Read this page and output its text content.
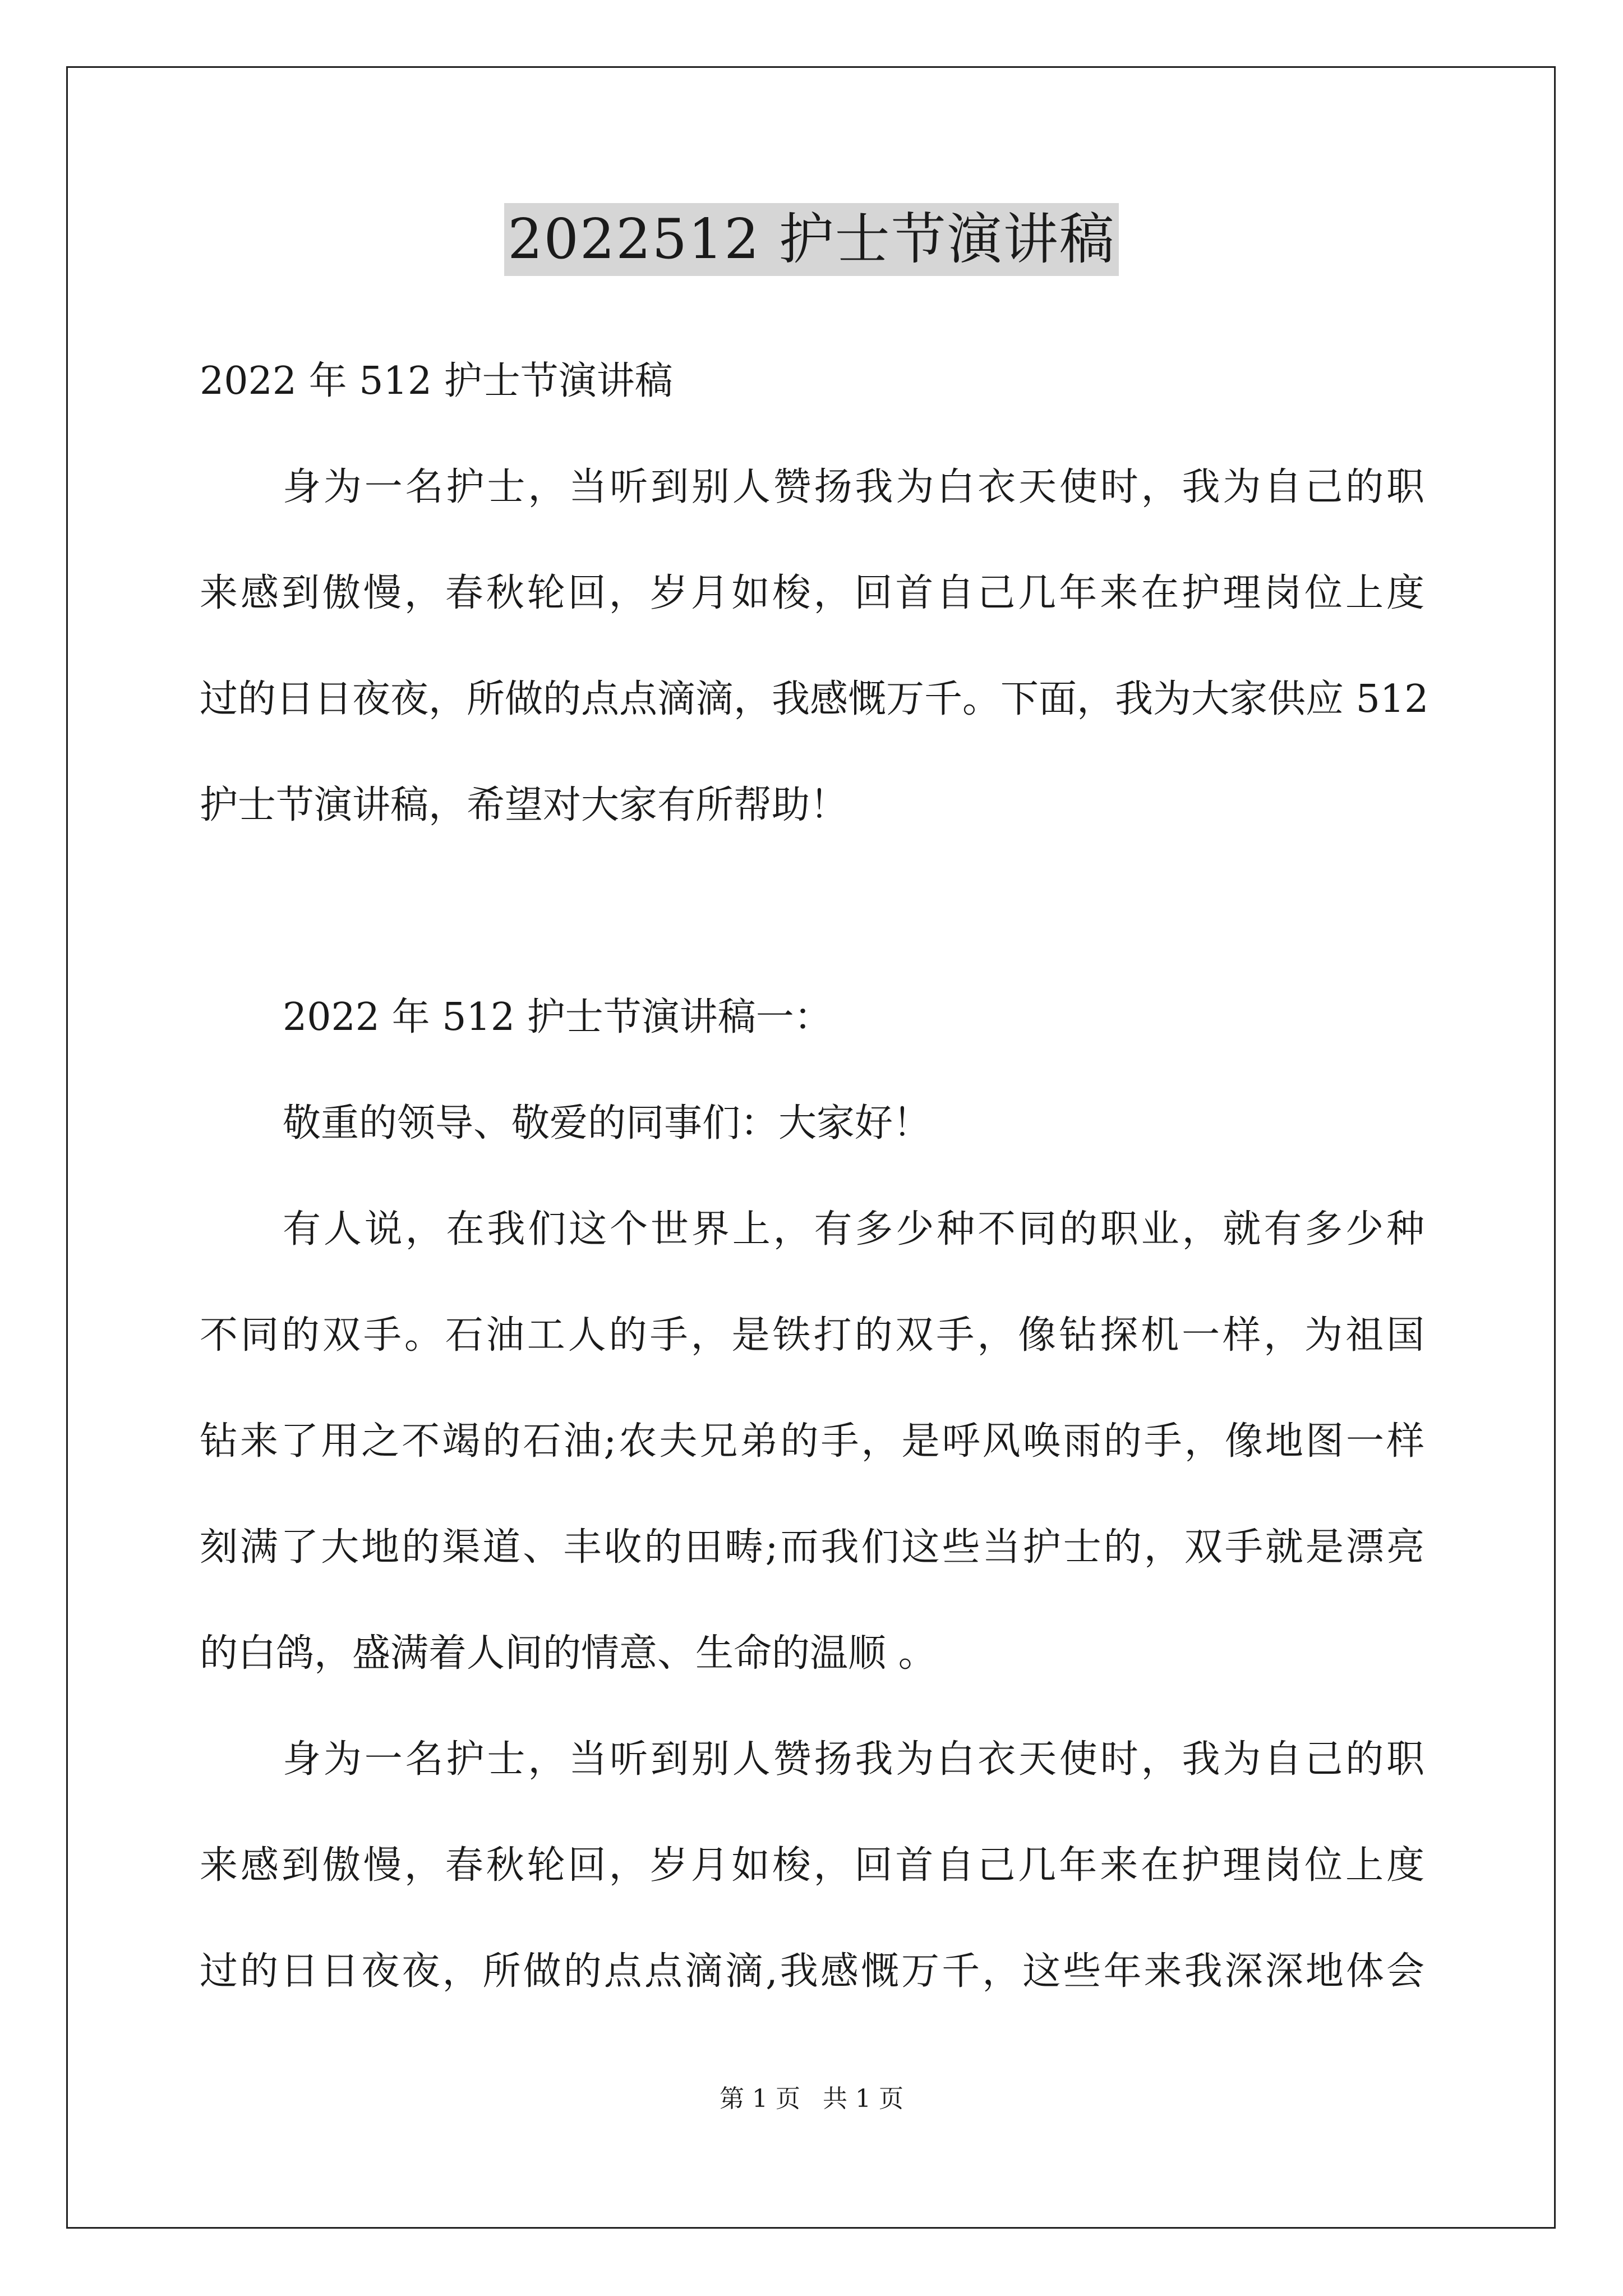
2022512 护士节演讲稿
2022 年 512 护士节演讲稿
身为一名护士，当听到别人赞扬我为白衣天使时，我为自己的职
来感到傲慢，春秋轮回，岁月如梭，回首自己几年来在护理岗位上度
过的日日夜夜，所做的点点滴滴，我感慨万千。下面，我为大家供应 512
护士节演讲稿，希望对大家有所帮助！
2022 年 512 护士节演讲稿一：
敬重的领导、敬爱的同事们：大家好！
有人说，在我们这个世界上，有多少种不同的职业，就有多少种
不同的双手。石油工人的手，是铁打的双手，像钻探机一样，为祖国
钻来了用之不竭的石油;农夫兄弟的手，是呼风唤雨的手，像地图一样
刻满了大地的渠道、丰收的田畴;而我们这些当护士的，双手就是漂亮
的白鸽，盛满着人间的情意、生命的温顺 。
身为一名护士，当听到别人赞扬我为白衣天使时，我为自己的职
来感到傲慢，春秋轮回，岁月如梭，回首自己几年来在护理岗位上度
过的日日夜夜，所做的点点滴滴,我感慨万千，这些年来我深深地体会
第 1 页 共 1 页
